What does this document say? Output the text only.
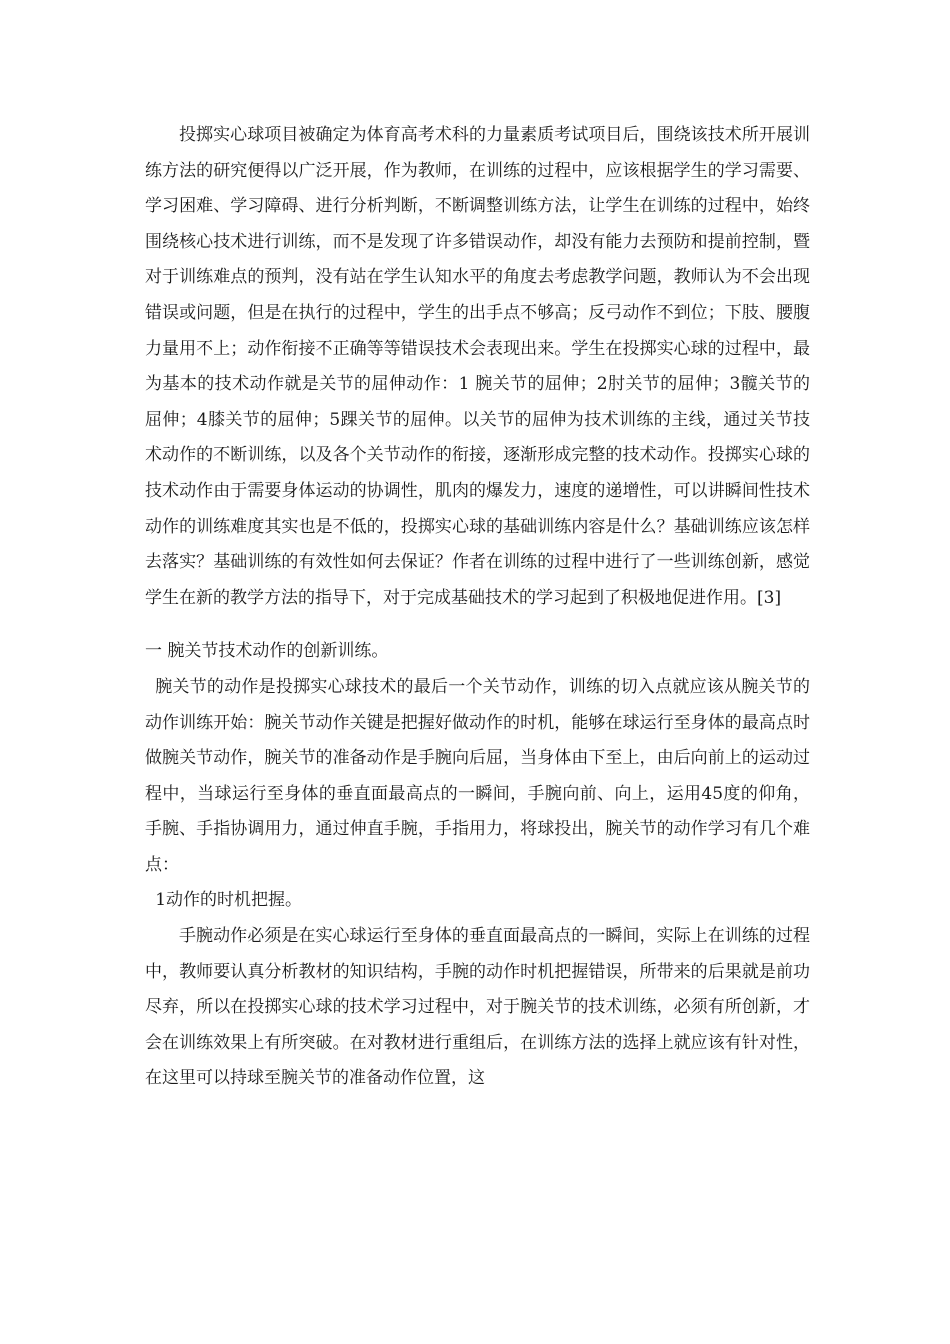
投掷实心球项目被确定为体育高考术科的力量素质考试项目后，围绕该技术所开展训练方法的研究便得以广泛开展，作为教师，在训练的过程中，应该根据学生的学习需要、学习困难、学习障碍、进行分析判断，不断调整训练方法，让学生在训练的过程中，始终围绕核心技术进行训练，而不是发现了许多错误动作，却没有能力去预防和提前控制，暨对于训练难点的预判，没有站在学生认知水平的角度去考虑教学问题，教师认为不会出现错误或问题，但是在执行的过程中，学生的出手点不够高；反弓动作不到位；下肢、腰腹力量用不上；动作衔接不正确等等错误技术会表现出来。学生在投掷实心球的过程中，最为基本的技术动作就是关节的屈伸动作：1 腕关节的屈伸；2肘关节的屈伸；3髋关节的屈伸；4膝关节的屈伸；5踝关节的屈伸。以关节的屈伸为技术训练的主线，通过关节技术动作的不断训练，以及各个关节动作的衔接，逐渐形成完整的技术动作。投掷实心球的技术动作由于需要身体运动的协调性，肌肉的爆发力，速度的递增性，可以讲瞬间性技术动作的训练难度其实也是不低的，投掷实心球的基础训练内容是什么？基础训练应该怎样去落实？基础训练的有效性如何去保证？作者在训练的过程中进行了一些训练创新，感觉学生在新的教学方法的指导下，对于完成基础技术的学习起到了积极地促进作用。[3]

一 腕关节技术动作的创新训练。

腕关节的动作是投掷实心球技术的最后一个关节动作，训练的切入点就应该从腕关节的动作训练开始：腕关节动作关键是把握好做动作的时机，能够在球运行至身体的最高点时做腕关节动作，腕关节的准备动作是手腕向后屈，当身体由下至上，由后向前上的运动过程中，当球运行至身体的垂直面最高点的一瞬间，手腕向前、向上，运用45度的仰角，手腕、手指协调用力，通过伸直手腕，手指用力，将球投出，腕关节的动作学习有几个难点：

1动作的时机把握。

手腕动作必须是在实心球运行至身体的垂直面最高点的一瞬间，实际上在训练的过程中，教师要认真分析教材的知识结构，手腕的动作时机把握错误，所带来的后果就是前功尽弃，所以在投掷实心球的技术学习过程中，对于腕关节的技术训练，必须有所创新，才会在训练效果上有所突破。在对教材进行重组后，在训练方法的选择上就应该有针对性，在这里可以持球至腕关节的准备动作位置，这
